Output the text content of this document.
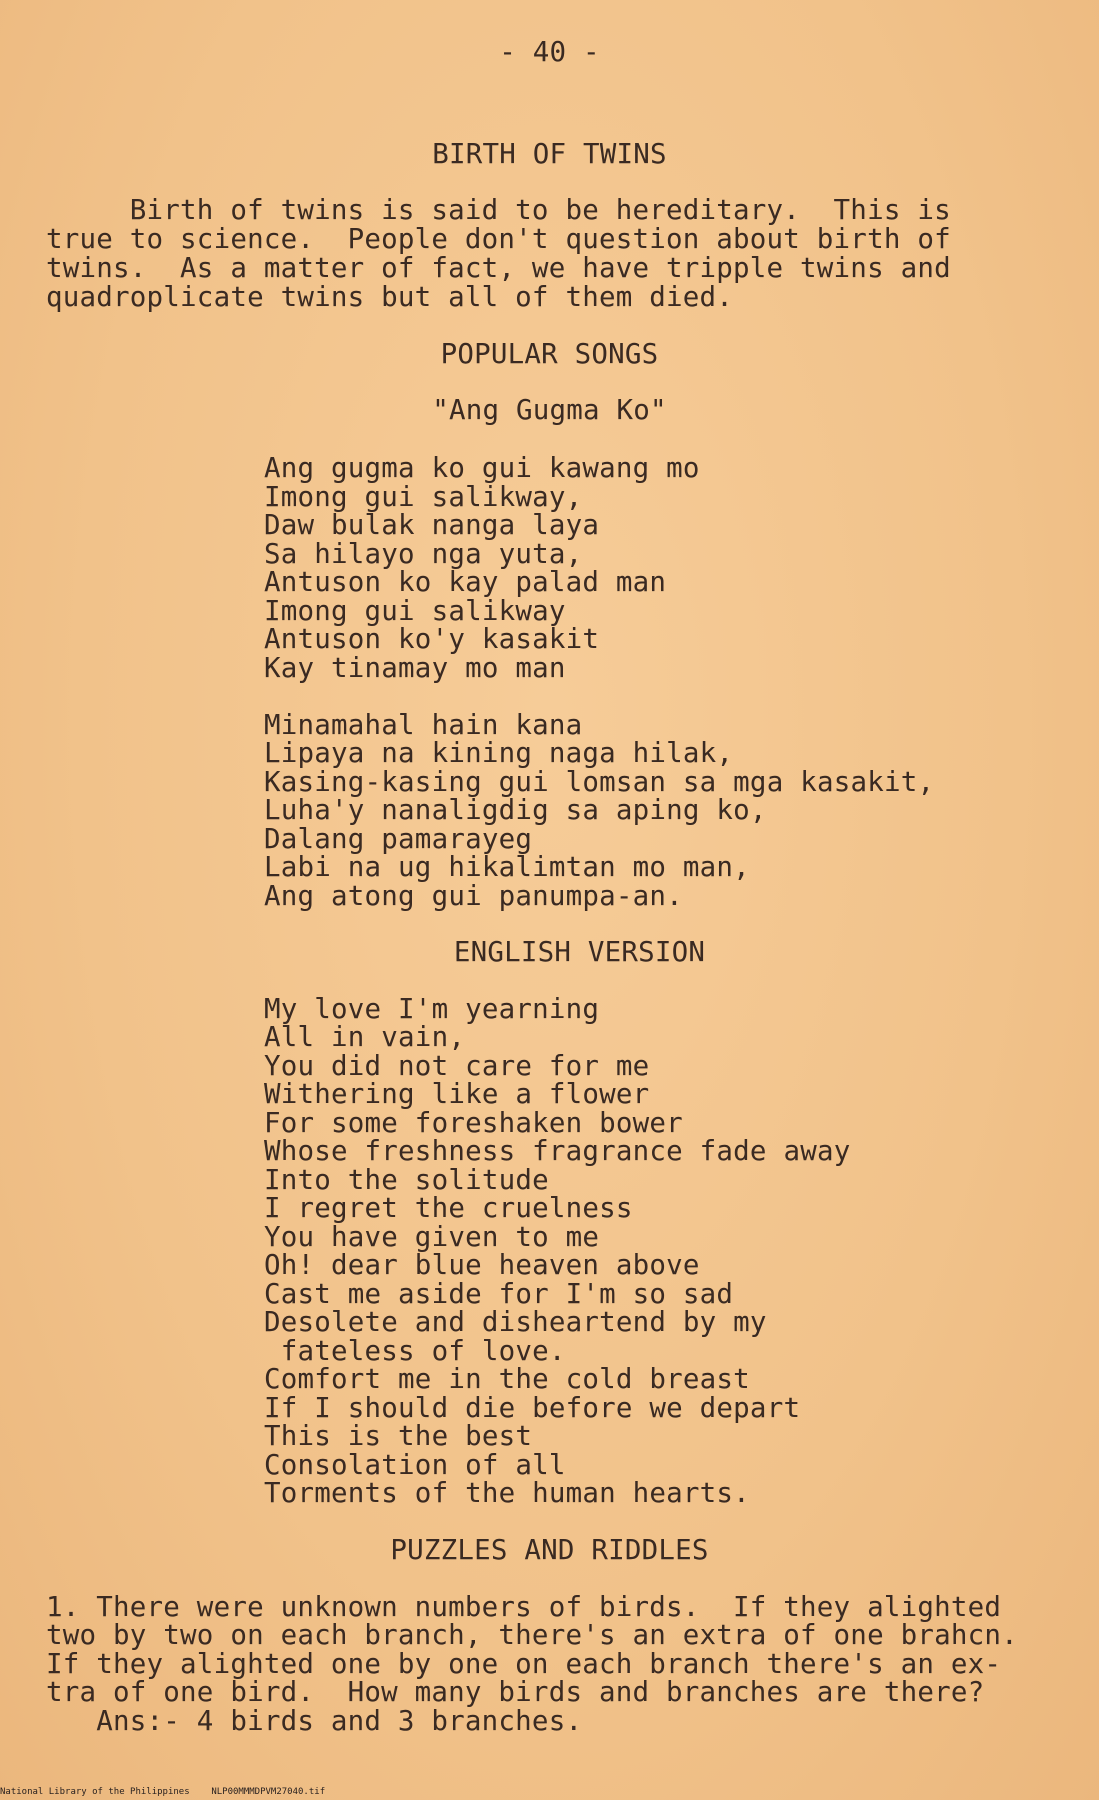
- 40 -
BIRTH OF TWINS
Birth of twins is said to be hereditary.  This is
true to science.  People don't question about birth of
twins.  As a matter of fact, we have tripple twins and
quadroplicate twins but all of them died.
POPULAR SONGS
"Ang Gugma Ko"
Ang gugma ko gui kawang mo
Imong gui salikway,
Daw bulak nanga laya
Sa hilayo nga yuta,
Antuson ko kay palad man
Imong gui salikway
Antuson ko'y kasakit
Kay tinamay mo man
Minamahal hain kana
Lipaya na kining naga hilak,
Kasing-kasing gui lomsan sa mga kasakit,
Luha'y nanaligdig sa aping ko,
Dalang pamarayeg
Labi na ug hikalimtan mo man,
Ang atong gui panumpa-an.
ENGLISH VERSION
My love I'm yearning
All in vain,
You did not care for me
Withering like a flower
For some foreshaken bower
Whose freshness fragrance fade away
Into the solitude
I regret the cruelness
You have given to me
Oh! dear blue heaven above
Cast me aside for I'm so sad
Desolete and disheartend by my
fateless of love.
Comfort me in the cold breast
If I should die before we depart
This is the best
Consolation of all
Torments of the human hearts.
PUZZLES AND RIDDLES
1. There were unknown numbers of birds.  If they alighted
two by two on each branch, there's an extra of one brahcn.
If they alighted one by one on each branch there's an ex-
tra of one bird.  How many birds and branches are there?
Ans:- 4 birds and 3 branches.
National Library of the Philippines    NLP00MMMDPVM27040.tif
